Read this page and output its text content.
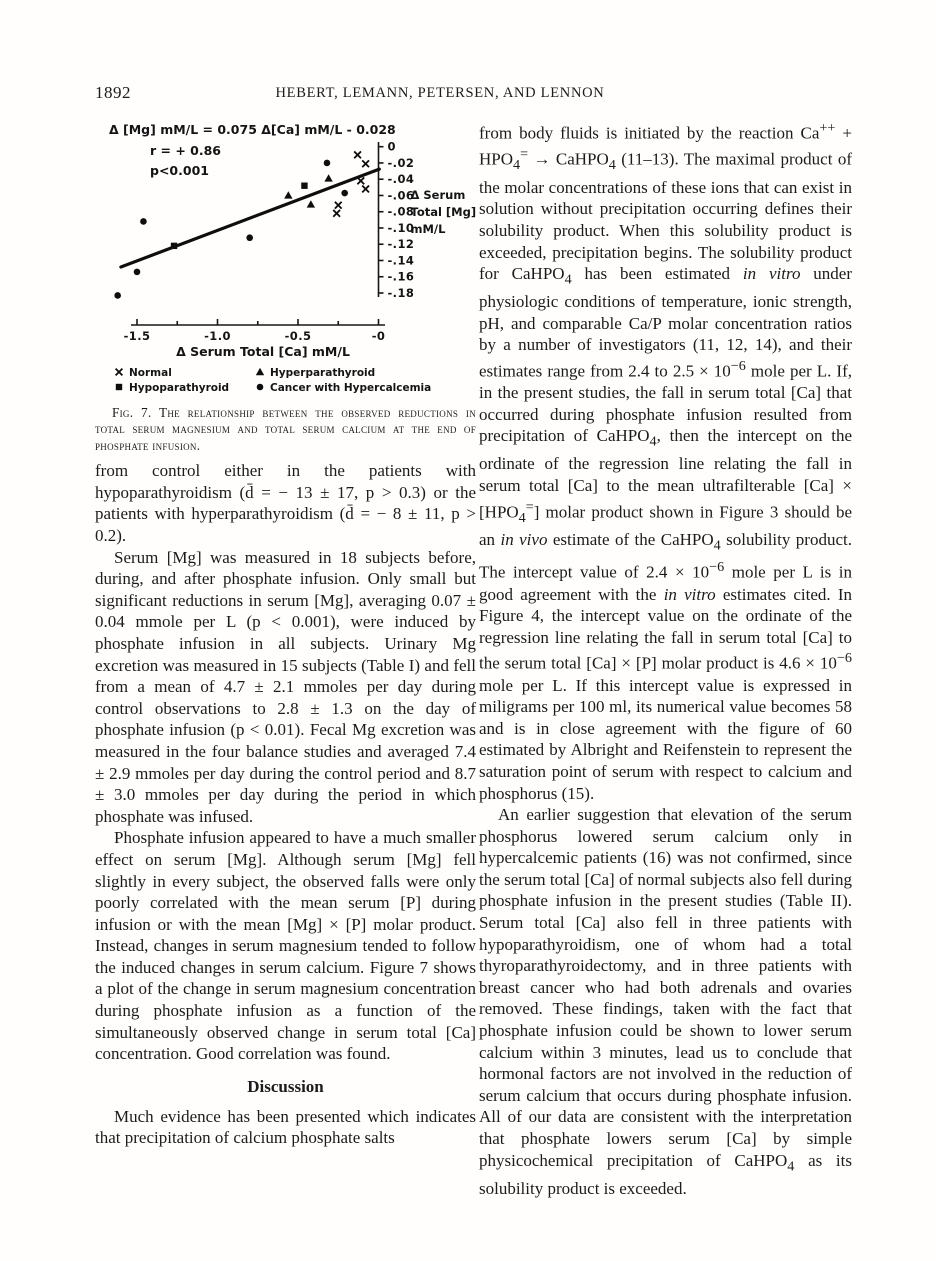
1892	HEBERT, LEMANN, PETERSEN, AND LENNON
Δ [Mg] mM/L = 0.075 Δ[Ca] mM/L - 0.028
r = + 0.86
p<0.001
0
-.02
-.04
-.06
-.08
-.10
-.12
-.14
-.16
-.18
Δ Serum
Total [Mg]
mM/L
-1.5	-1.0	-0.5	-0
Δ Serum Total [Ca] mM/L
Normal	Hyperparathyroid
Hypoparathyroid	Cancer with Hypercalcemia
Fig. 7. The relationship between the observed reductions in total serum magnesium and total serum calcium at the end of phosphate infusion.

from control either in the patients with hypoparathyroidism (d̄ = − 13 ± 17, p > 0.3) or the patients with hyperparathyroidism (d̄ = − 8 ± 11, p > 0.2).

Serum [Mg] was measured in 18 subjects before, during, and after phosphate infusion. Only small but significant reductions in serum [Mg], averaging 0.07 ± 0.04 mmole per L (p < 0.001), were induced by phosphate infusion in all subjects. Urinary Mg excretion was measured in 15 subjects (Table I) and fell from a mean of 4.7 ± 2.1 mmoles per day during control observations to 2.8 ± 1.3 on the day of phosphate infusion (p < 0.01). Fecal Mg excretion was measured in the four balance studies and averaged 7.4 ± 2.9 mmoles per day during the control period and 8.7 ± 3.0 mmoles per day during the period in which phosphate was infused.

Phosphate infusion appeared to have a much smaller effect on serum [Mg]. Although serum [Mg] fell slightly in every subject, the observed falls were only poorly correlated with the mean serum [P] during infusion or with the mean [Mg] × [P] molar product. Instead, changes in serum magnesium tended to follow the induced changes in serum calcium. Figure 7 shows a plot of the change in serum magnesium concentration during phosphate infusion as a function of the simultaneously observed change in serum total [Ca] concentration. Good correlation was found.

Discussion

Much evidence has been presented which indicates that precipitation of calcium phosphate salts

from body fluids is initiated by the reaction $Ca^{++} + HPO_4^=$ → CaHPO$_4$ (11–13). The maximal product of the molar concentrations of these ions that can exist in solution without precipitation occurring defines their solubility product. When this solubility product is exceeded, precipitation begins. The solubility product for CaHPO$_4$ has been estimated in vitro under physiologic conditions of temperature, ionic strength, pH, and comparable Ca/P molar concentration ratios by a number of investigators (11, 12, 14), and their estimates range from 2.4 to $2.5 \times 10^{-6}$ mole per L. If, in the present studies, the fall in serum total [Ca] that occurred during phosphate infusion resulted from precipitation of CaHPO$_4$, then the intercept on the ordinate of the regression line relating the fall in serum total [Ca] to the mean ultrafilterable $[Ca] \times [HPO_4^=]$ molar product shown in Figure 3 should be an in vivo estimate of the CaHPO$_4$ solubility product. The intercept value of $2.4 \times 10^{-6}$ mole per L is in good agreement with the in vitro estimates cited. In Figure 4, the intercept value on the ordinate of the regression line relating the fall in serum total [Ca] to the serum total [Ca] × [P] molar product is $4.6 \times 10^{-6}$ mole per L. If this intercept value is expressed in miligrams per 100 ml, its numerical value becomes 58 and is in close agreement with the figure of 60 estimated by Albright and Reifenstein to represent the saturation point of serum with respect to calcium and phosphorus (15).

An earlier suggestion that elevation of the serum phosphorus lowered serum calcium only in hypercalcemic patients (16) was not confirmed, since the serum total [Ca] of normal subjects also fell during phosphate infusion in the present studies (Table II). Serum total [Ca] also fell in three patients with hypoparathyroidism, one of whom had a total thyroparathyroidectomy, and in three patients with breast cancer who had both adrenals and ovaries removed. These findings, taken with the fact that phosphate infusion could be shown to lower serum calcium within 3 minutes, lead us to conclude that hormonal factors are not involved in the reduction of serum calcium that occurs during phosphate infusion. All of our data are consistent with the interpretation that phosphate lowers serum [Ca] by simple physicochemical precipitation of CaHPO$_4$ as its solubility product is exceeded.
